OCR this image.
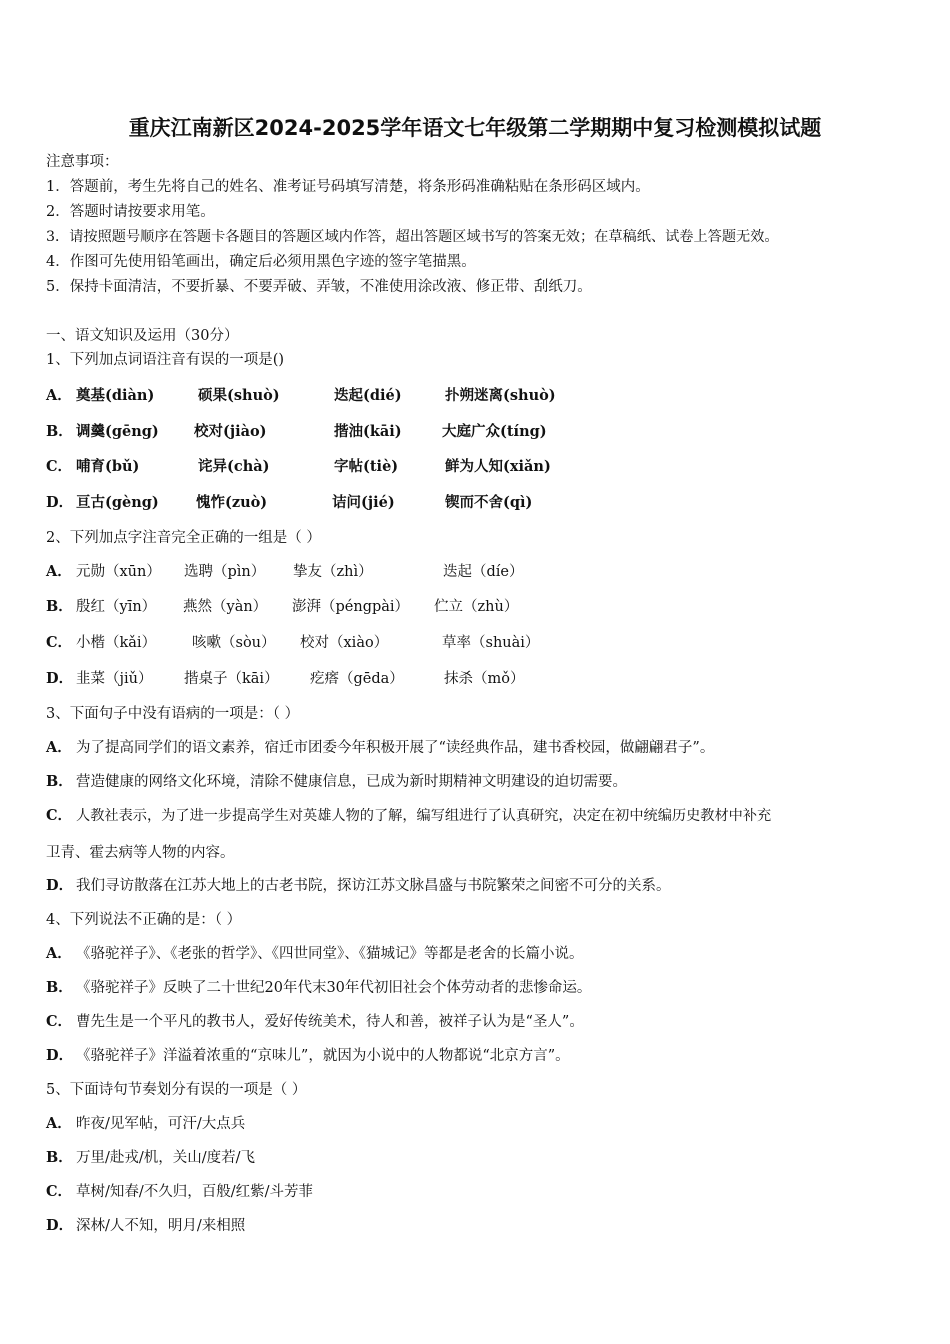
重庆江南新区2024-2025学年语文七年级第二学期期中复习检测模拟试题
注意事项：
1．答题前，考生先将自己的姓名、准考证号码填写清楚，将条形码准确粘贴在条形码区域内。
2．答题时请按要求用笔。
3．请按照题号顺序在答题卡各题目的答题区域内作答，超出答题区域书写的答案无效；在草稿纸、试卷上答题无效。
4．作图可先使用铅笔画出，确定后必须用黑色字迹的签字笔描黑。
5．保持卡面清洁，不要折暴、不要弄破、弄皱，不准使用涂改液、修正带、刮纸刀。
一、语文知识及运用（30分）
1、下列加点词语注音有误的一项是()
A． 奠基(diàn)	硕果(shuò)	迭起(dié)	扑朔迷离(shuò)
B． 调羹(gēng) 校对(jiào)	揩油(kāi)	大庭广众(tíng)
C． 哺育(bǔ)	诧异(chà)	字帖(tiè)	鲜为人知(xiǎn)
D． 亘古(gèng)	愧怍(zuò)	诘问(jié)	锲而不舍(qì)
2、下列加点字注音完全正确的一组是（ ）
A． 元勋（xūn） 选聘（pìn） 挚友（zhì）	迭起（díe）
B． 殷红（yīn） 燕然（yàn） 澎湃（péngpài） 伫立（zhù）
C． 小楷（kǎi） 咳嗽（sòu） 校对（xiào）	草率（shuài）
D． 韭菜（jiǔ） 揩桌子（kāi） 疙瘩（gēda）	抹杀（mǒ）
3、下面句子中没有语病的一项是：（ ）
A． 为了提高同学们的语文素养，宿迁市团委今年积极开展了“读经典作品，建书香校园，做翩翩君子”。
B． 营造健康的网络文化环境，清除不健康信息，已成为新时期精神文明建设的迫切需要。
C． 人教社表示，为了进一步提高学生对英雄人物的了解，编写组进行了认真研究，决定在初中统编历史教材中补充
卫青、霍去病等人物的内容。
D． 我们寻访散落在江苏大地上的古老书院，探访江苏文脉昌盛与书院繁荣之间密不可分的关系。
4、下列说法不正确的是：（ ）
A． 《骆驼祥子》、《老张的哲学》、《四世同堂》、《猫城记》等都是老舍的长篇小说。
B． 《骆驼祥子》反映了二十世纪20年代末30年代初旧社会个体劳动者的悲惨命运。
C． 曹先生是一个平凡的教书人，爱好传统美术，待人和善，被祥子认为是“圣人”。
D． 《骆驼祥子》洋溢着浓重的“京味儿”，就因为小说中的人物都说“北京方言”。
5、下面诗句节奏划分有误的一项是（ ）
A． 昨夜/见军帖，可汗/大点兵
B． 万里/赴戎/机，关山/度若/飞
C． 草树/知春/不久归，百般/红紫/斗芳菲
D． 深林/人不知，明月/来相照
